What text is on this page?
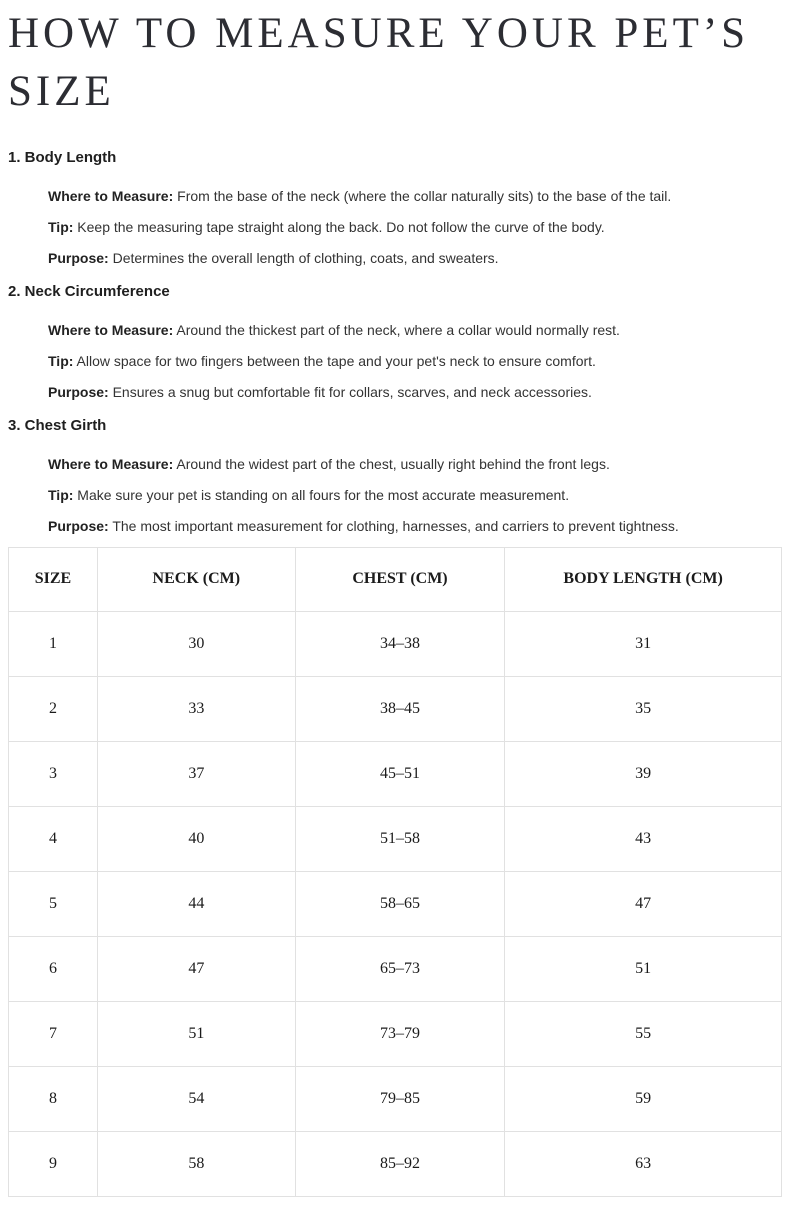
HOW TO MEASURE YOUR PET’S SIZE
1. Body Length

Where to Measure: From the base of the neck (where the collar naturally sits) to the base of the tail.

Tip: Keep the measuring tape straight along the back. Do not follow the curve of the body.

Purpose: Determines the overall length of clothing, coats, and sweaters.

2. Neck Circumference

Where to Measure: Around the thickest part of the neck, where a collar would normally rest.

Tip: Allow space for two fingers between the tape and your pet's neck to ensure comfort.

Purpose: Ensures a snug but comfortable fit for collars, scarves, and neck accessories.

3. Chest Girth

Where to Measure: Around the widest part of the chest, usually right behind the front legs.

Tip: Make sure your pet is standing on all fours for the most accurate measurement.

Purpose: The most important measurement for clothing, harnesses, and carriers to prevent tightness.

SIZE	NECK (CM)	CHEST (CM)	BODY LENGTH (CM)
1	30	34–38	31
2	33	38–45	35
3	37	45–51	39
4	40	51–58	43
5	44	58–65	47
6	47	65–73	51
7	51	73–79	55
8	54	79–85	59
9	58	85–92	63
